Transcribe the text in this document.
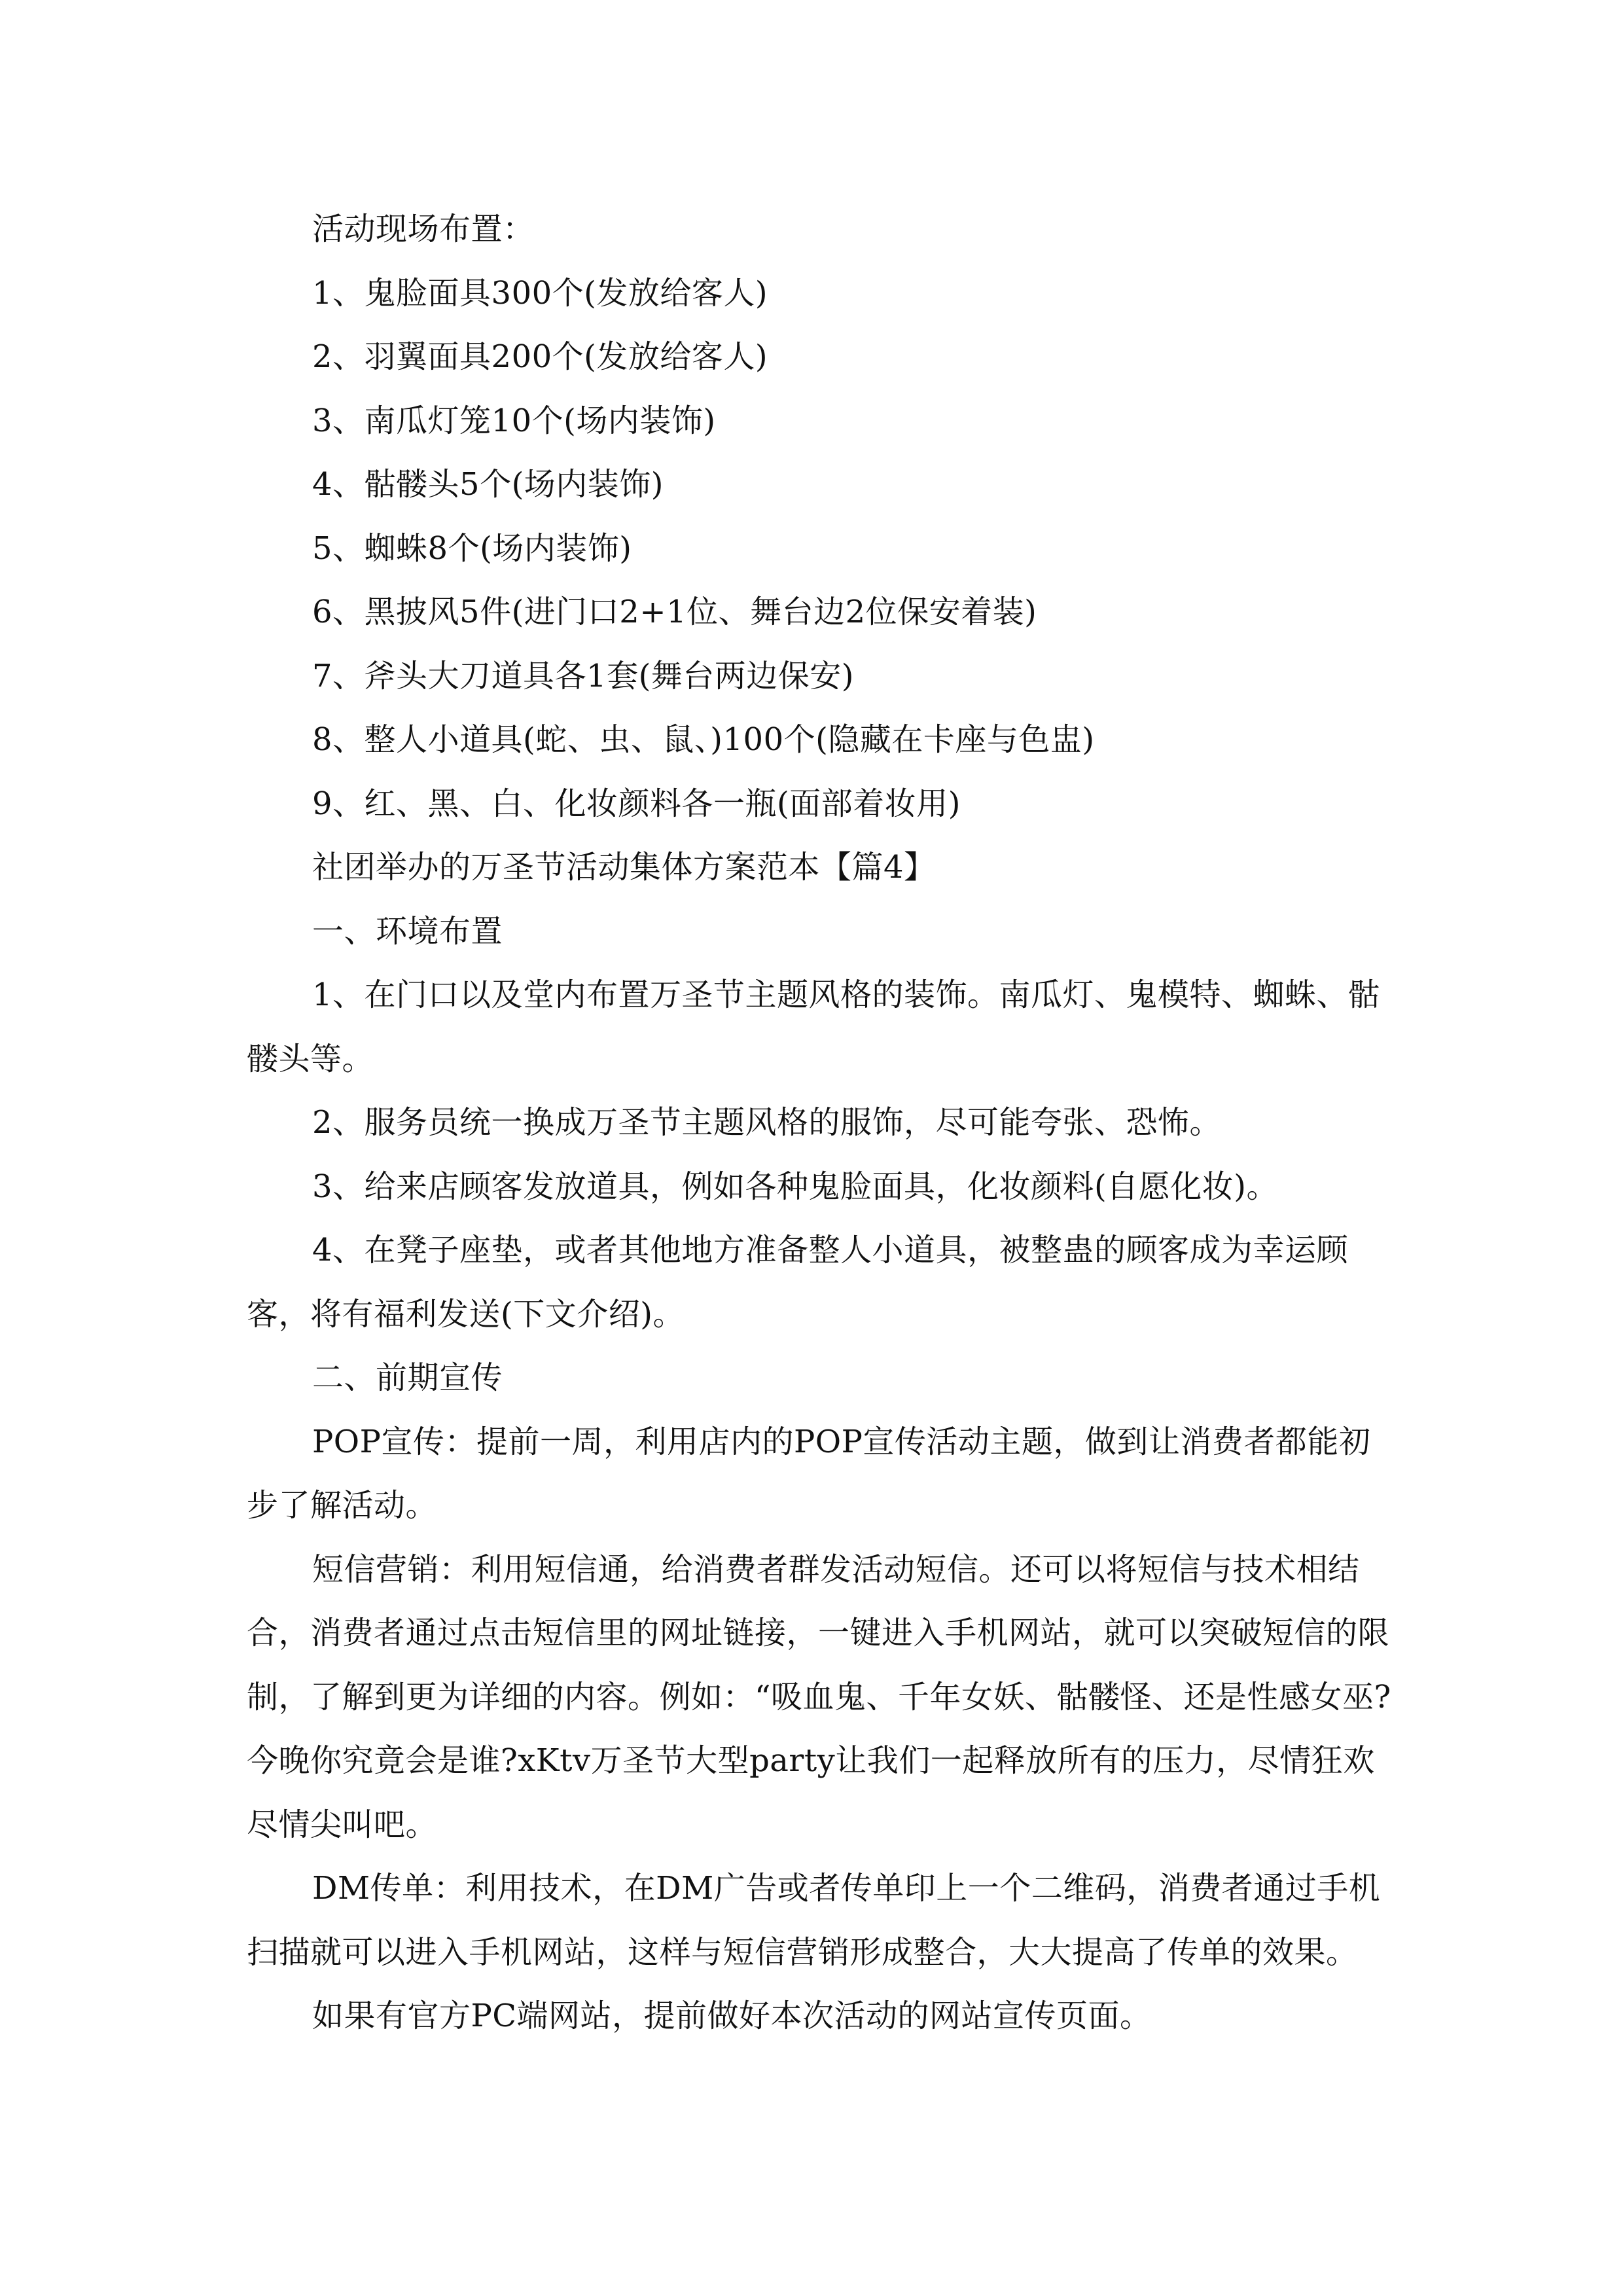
活动现场布置：

1、鬼脸面具300个(发放给客人)

2、羽翼面具200个(发放给客人)

3、南瓜灯笼10个(场内装饰)

4、骷髅头5个(场内装饰)

5、蜘蛛8个(场内装饰)

6、黑披风5件(进门口2+1位、舞台边2位保安着装)

7、斧头大刀道具各1套(舞台两边保安)

8、整人小道具(蛇、虫、鼠、)100个(隐藏在卡座与色盅)

9、红、黑、白、化妆颜料各一瓶(面部着妆用)

社团举办的万圣节活动集体方案范本【篇4】

一、环境布置

1、在门口以及堂内布置万圣节主题风格的装饰。南瓜灯、鬼模特、蜘蛛、骷髅头等。

2、服务员统一换成万圣节主题风格的服饰，尽可能夸张、恐怖。

3、给来店顾客发放道具，例如各种鬼脸面具，化妆颜料(自愿化妆)。

4、在凳子座垫，或者其他地方准备整人小道具，被整蛊的顾客成为幸运顾客，将有福利发送(下文介绍)。

二、前期宣传

POP宣传：提前一周，利用店内的POP宣传活动主题，做到让消费者都能初步了解活动。

短信营销：利用短信通，给消费者群发活动短信。还可以将短信与技术相结合，消费者通过点击短信里的网址链接，一键进入手机网站，就可以突破短信的限制，了解到更为详细的内容。例如：“吸血鬼、千年女妖、骷髅怪、还是性感女巫?今晚你究竟会是谁?xKtv万圣节大型party让我们一起释放所有的压力，尽情狂欢尽情尖叫吧。

DM传单：利用技术，在DM广告或者传单印上一个二维码，消费者通过手机扫描就可以进入手机网站，这样与短信营销形成整合，大大提高了传单的效果。

如果有官方PC端网站，提前做好本次活动的网站宣传页面。
